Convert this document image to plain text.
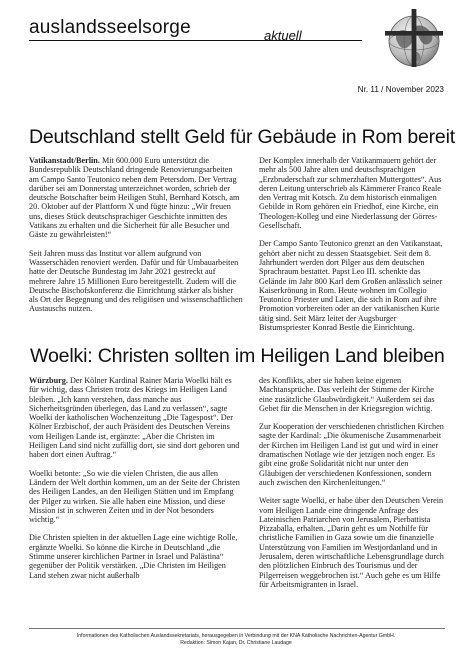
auslandsseelsorge	aktuell
Nr. 11 / November 2023
Deutschland stellt Geld für Gebäude in Rom bereit

Vatikanstadt/Berlin. Mit 600.000 Euro unterstützt die Bundesrepublik Deutschland dringende Renovierungsarbeiten am Campo Santo Teutonico neben dem Petersdom. Der Vertrag darüber sei am Donnerstag unterzeichnet worden, schrieb der deutsche Botschafter beim Heiligen Stuhl, Bernhard Kotsch, am 20. Oktober auf der Plattform X und fügte hinzu: „Wir freuen uns, dieses Stück deutschsprachiger Geschichte inmitten des Vatikans zu erhalten und die Sicherheit für alle Besucher und Gäste zu gewährleisten!“

Seit Jahren muss das Institut vor allem aufgrund von Wasserschäden renoviert werden. Dafür und für Umbauarbeiten hatte der Deutsche Bundestag im Jahr 2021 gestreckt auf mehrere Jahre 15 Millionen Euro bereitgestellt. Zudem will die Deutsche Bischofskonferenz die Einrichtung stärker als bisher als Ort der Begegnung und des religiösen und wissenschaftlichen Austauschs nutzen.

Der Komplex innerhalb der Vatikanmauern gehört der mehr als 500 Jahre alten und deutschsprachigen „Erzbruderschaft zur schmerzhaften Muttergottes“. Aus deren Leitung unterschrieb als Kämmerer Franco Reale den Vertrag mit Kotsch. Zu dem historisch einmaligen Gebilde in Rom gehören ein Friedhof, eine Kirche, ein Theologen-Kolleg und eine Niederlassung der Görres-Gesellschaft.

Der Campo Santo Teutonico grenzt an den Vatikanstaat, gehört aber nicht zu dessen Staatsgebiet. Seit dem 8. Jahrhundert werden dort Pilger aus dem deutschen Sprachraum bestattet. Papst Leo III. schenkte das Gelände im Jahr 800 Karl dem Großen anlässlich seiner Kaiserkrönung in Rom. Heute wohnen im Collegio Teutonico Priester und Laien, die sich in Rom auf ihre Promotion vorbereiten oder an der vatikanischen Kurie tätig sind. Seit März leitet der Augsburger Bistumspriester Konrad Bestle die Einrichtung.

Woelki: Christen sollten im Heiligen Land bleiben

Würzburg. Der Kölner Kardinal Rainer Maria Woelki hält es für wichtig, dass Christen trotz des Kriegs im Heiligen Land bleiben. „Ich kann verstehen, dass manche aus Sicherheitsgründen überlegen, das Land zu verlassen“, sagte Woelki der katholischen Wochenzeitung „Die Tagespost“. Der Kölner Erzbischof, der auch Präsident des Deutschen Vereins vom Heiligen Lande ist, ergänzte: „Aber die Christen im Heiligen Land sind nicht zufällig dort, sie sind dort geboren und haben dort einen Auftrag.“

Woelki betonte: „So wie die vielen Christen, die aus allen Ländern der Welt dorthin kommen, um an der Seite der Christen des Heiligen Landes, an den Heiligen Stätten und im Empfang der Pilger zu wirken. Sie alle haben eine Mission, und diese Mission ist in schweren Zeiten und in der Not besonders wichtig.“

Die Christen spielten in der aktuellen Lage eine wichtige Rolle, ergänzte Woelki. So könne die Kirche in Deutschland „die Stimme unserer kirchlichen Partner in Israel und Palästina“ gegenüber der Politik verstärken. „Die Christen im Heiligen Land stehen zwar nicht außerhalb

des Konflikts, aber sie haben keine eigenen Machtansprüche. Das verleiht der Stimme der Kirche eine zusätzliche Glaubwürdigkeit.“ Außerdem sei das Gebet für die Menschen in der Kriegsregion wichtig.

Zur Kooperation der verschiedenen christlichen Kirchen sagte der Kardinal: „Die ökumenische Zusammenarbeit der Kirchen im Heiligen Land ist gut und wird in einer dramatischen Notlage wie der jetzigen noch enger. Es gibt eine große Solidarität nicht nur unter den Gläubigen der verschiedenen Konfessionen, sondern auch zwischen den Kirchenleitungen.“

Weiter sagte Woelki, er habe über den Deutschen Verein vom Heiligen Lande eine dringende Anfrage des Lateinischen Patriarchen von Jerusalem, Pierbattista Pizzaballa, erhalten. „Darin geht es um Nothilfe für christliche Familien in Gaza sowie um die finanzielle Unterstützung von Familien im Westjordanland und in Jerusalem, deren wirtschaftliche Lebensgrundlage durch den plötzlichen Einbruch des Tourismus und der Pilgerreisen weggebrochen ist.“ Auch gehe es um Hilfe für Arbeitsmigranten in Israel.

Informationen des Katholischen Auslandssekretariats, herausgegeben in Verbindung mit der KNA Katholische Nachrichten-Agentur GmbH.
Redaktion: Simon Kajan, Dr. Christiane Laudage
